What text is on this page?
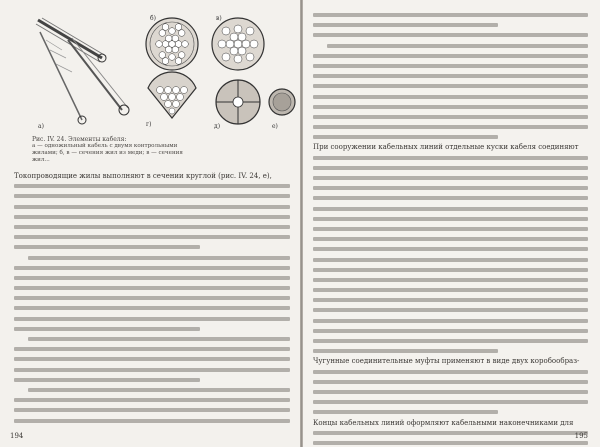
а)
б)	в)
г)	д)	е)
Рис. IV. 24. Элементы кабеля:
а — одножильный кабель с двумя контрольными жилами; б, в — сечения жил из меди; в — сечения жил...
Токопроводящие жилы выполняют в сечении круглой (рис. IV. 24, е),
194
При сооружении кабельных линий отдельные куски кабеля соединяют
Чугунные соединительные муфты применяют в виде двух коробообраз-
Концы кабельных линий оформляют кабельными наконечниками для
195
